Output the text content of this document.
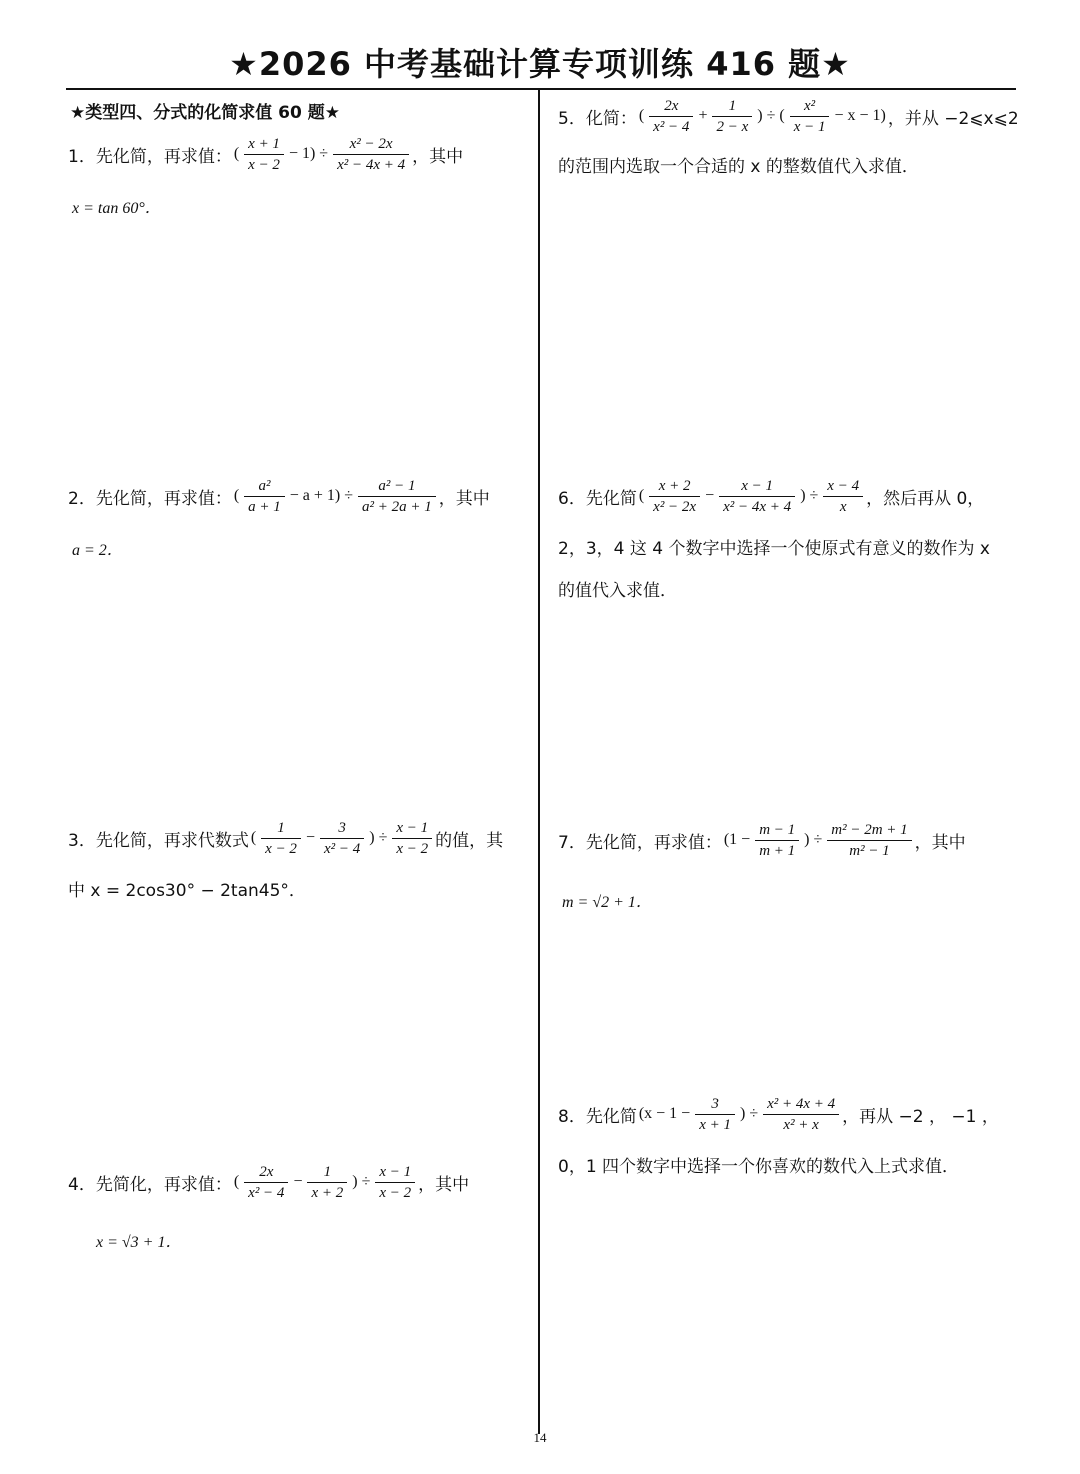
★2026 中考基础计算专项训练 416 题★
★类型四、分式的化简求值 60 题★
1．先化简，再求值： ( $\frac{x + 1}{x - 2} - 1) \div \frac{\text{x² − 2x}}{\text{x² − 4x + 4}}$ ，其中
x = tan 60°．
2．先化简，再求值： ( $\frac{\text{a²}}{a + 1} - a + 1) \div \frac{\text{a² − 1}}{\text{a² + 2a + 1}}$ ，其中
a = 2．
3．先化简，再求代数式 ( $\frac{1}{x - 2} - \frac{3}{\text{x² − 4}}$ ) ÷ $\frac{x - 1}{x - 2}$ 的值，其
中 x = 2cos30° − 2tan45°．
4．先简化，再求值： ( $\frac{2x}{\text{x² − 4}} - \frac{1}{x + 2}$ ) ÷ $\frac{x - 1}{x - 2}$ ，其中
x = √3 + 1．
5．化简： ( $\frac{2x}{\text{x² − 4}} + \frac{1}{2 - x}$ ) ÷ ( $\frac{\text{x²}}{x - 1} - x - 1$) ，并从 −2⩽x⩽2
的范围内选取一个合适的 x 的整数值代入求值．
6．先化简 ( $\frac{x + 2}{\text{x² − 2x}} - \frac{x - 1}{\text{x² − 4x + 4}}$ ) ÷ $\frac{x - 4}{x}$ ，然后再从 0，
2，3，4 这 4 个数字中选择一个使原式有意义的数作为 x
的值代入求值．
7．先化简，再求值： ($1 - \frac{m - 1}{m + 1}$ ) ÷ $\frac{\text{m² − 2m + 1}}{\text{m² − 1}}$ ，其中
m = √2 + 1．
8．先化简 ($x - 1 - \frac{3}{x + 1}$ ) ÷ $\frac{\text{x² + 4x + 4}}{\text{x² + x}}$ ，再从 −2 ， −1 ，
0，1 四个数字中选择一个你喜欢的数代入上式求值．
14
